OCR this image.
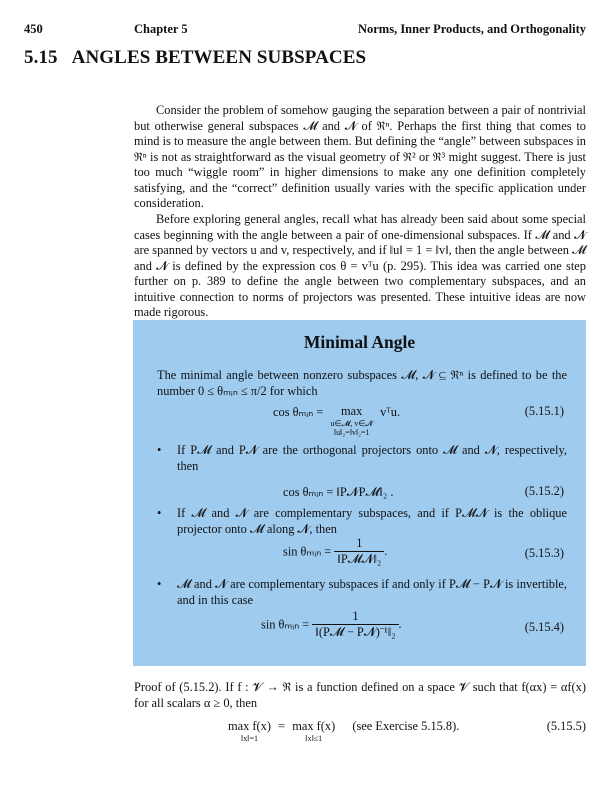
450	Chapter 5	Norms, Inner Products, and Orthogonality
5.15 ANGLES BETWEEN SUBSPACES

Consider the problem of somehow gauging the separation between a pair of nontrivial but otherwise general subspaces 𝓜 and 𝓝 of ℜⁿ. Perhaps the first thing that comes to mind is to measure the angle between them. But defining the “angle” between subspaces in ℜⁿ is not as straightforward as the visual geometry of ℜ² or ℜ³ might suggest. There is just too much “wiggle room” in higher dimensions to make any one definition completely satisfying, and the “correct” definition usually varies with the specific application under consideration.

Before exploring general angles, recall what has already been said about some special cases beginning with the angle between a pair of one-dimensional subspaces. If 𝓜 and 𝓝 are spanned by vectors u and v, respectively, and if ‖u‖ = 1 = ‖v‖, then the angle between 𝓜 and 𝓝 is defined by the expression cos θ = vᵀu (p. 295). This idea was carried one step further on p. 389 to define the angle between two complementary subspaces, and an intuitive connection to norms of projectors was presented. These intuitive ideas are now made rigorous.

Minimal Angle
The minimal angle between nonzero subspaces 𝓜, 𝓝 ⊆ ℜⁿ is defined to be the number 0 ≤ θₘᵢₙ ≤ π/2 for which
cos θₘᵢₙ =	max
u∈𝓜, v∈𝓝
‖u‖₂=‖v‖₂=1
vᵀu.	(5.15.1)
• If P𝓜 and P𝓝 are the orthogonal projectors onto 𝓜 and 𝓝, respectively, then
cos θₘᵢₙ = ‖P𝓝P𝓜‖₂ .	(5.15.2)
• If 𝓜 and 𝓝 are complementary subspaces, and if P𝓜𝓝 is the oblique projector onto 𝓜 along 𝓝, then
sin θₘᵢₙ = $\frac{1}{\text{‖P𝓜𝓝‖₂}}$ .	(5.15.3)
• 𝓜 and 𝓝 are complementary subspaces if and only if P𝓜 − P𝓝 is invertible, and in this case
sin θₘᵢₙ = $\frac{1}{\text{‖(P𝓜 − P𝓝)⁻¹‖₂}}$ .	(5.15.4)

Proof of (5.15.2). If f : 𝓥 → ℜ is a function defined on a space 𝓥 such that f(αx) = αf(x) for all scalars α ≥ 0, then

max f(x)
‖x‖=1
= max f(x)
‖x‖≤1
(see Exercise 5.15.8).	(5.15.5)
